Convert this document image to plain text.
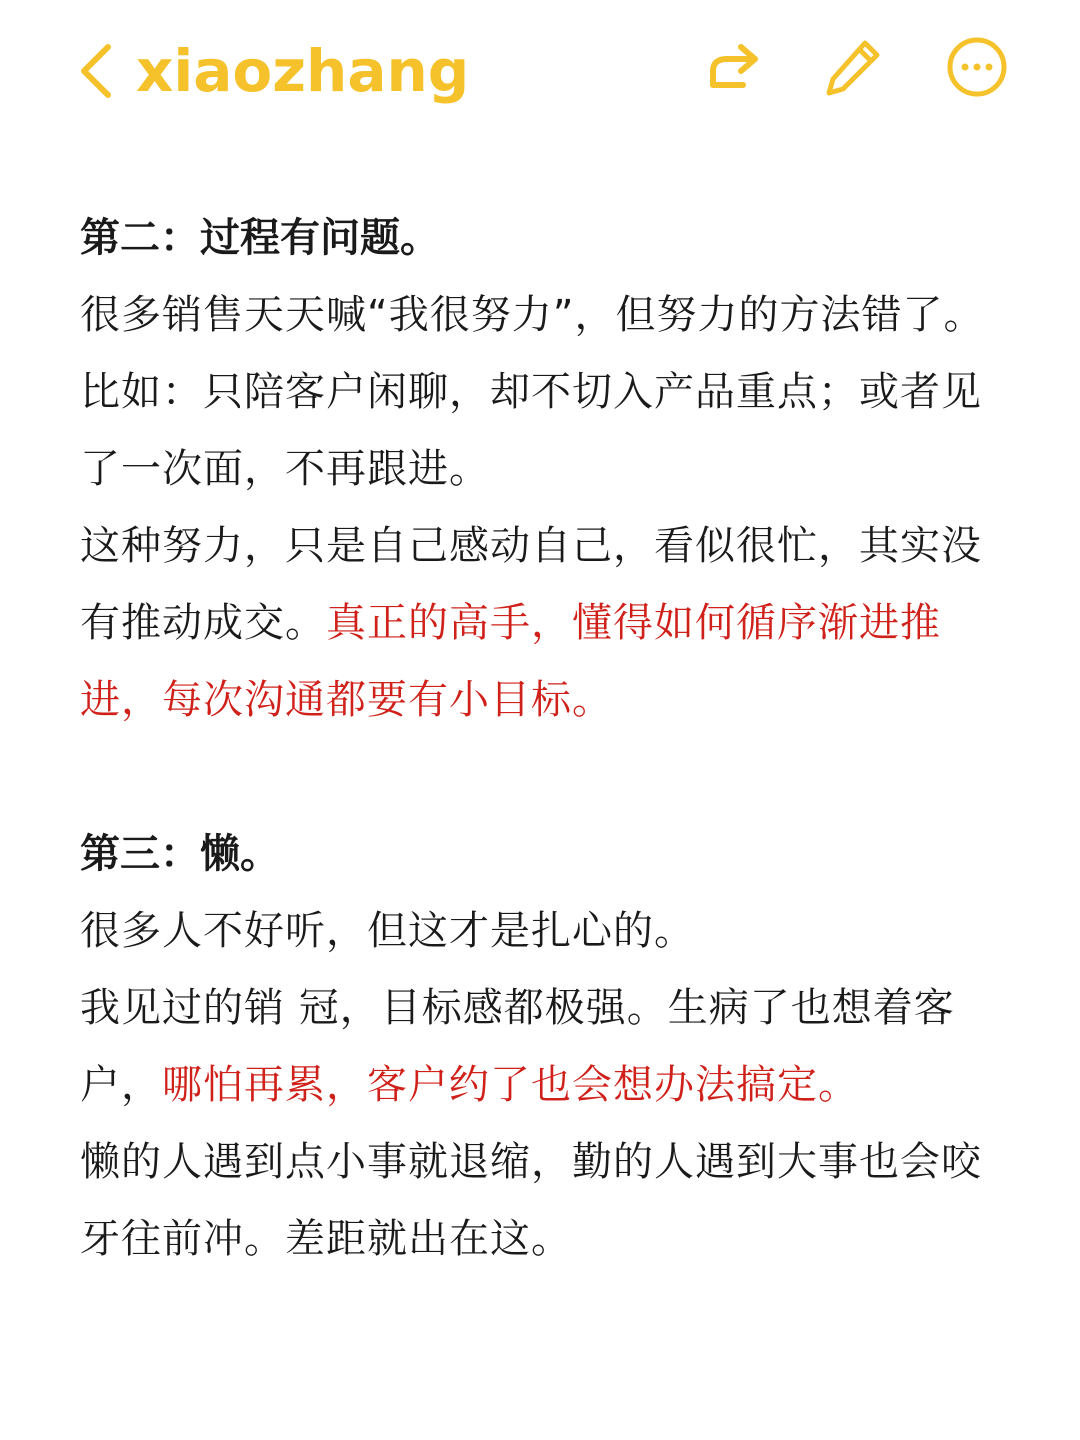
xiaozhang

第二：过程有问题。

很多销售天天喊“我很努力”，但努力的方法错了。

比如：只陪客户闲聊，却不切入产品重点；或者见了一次面，不再跟进。

这种努力，只是自己感动自己，看似很忙，其实没有推动成交。真正的高手，懂得如何循序渐进推进，每次沟通都要有小目标。

第三：懒。

很多人不好听，但这才是扎心的。

我见过的销 冠，目标感都极强。生病了也想着客户，哪怕再累，客户约了也会想办法搞定。

懒的人遇到点小事就退缩，勤的人遇到大事也会咬牙往前冲。差距就出在这。
